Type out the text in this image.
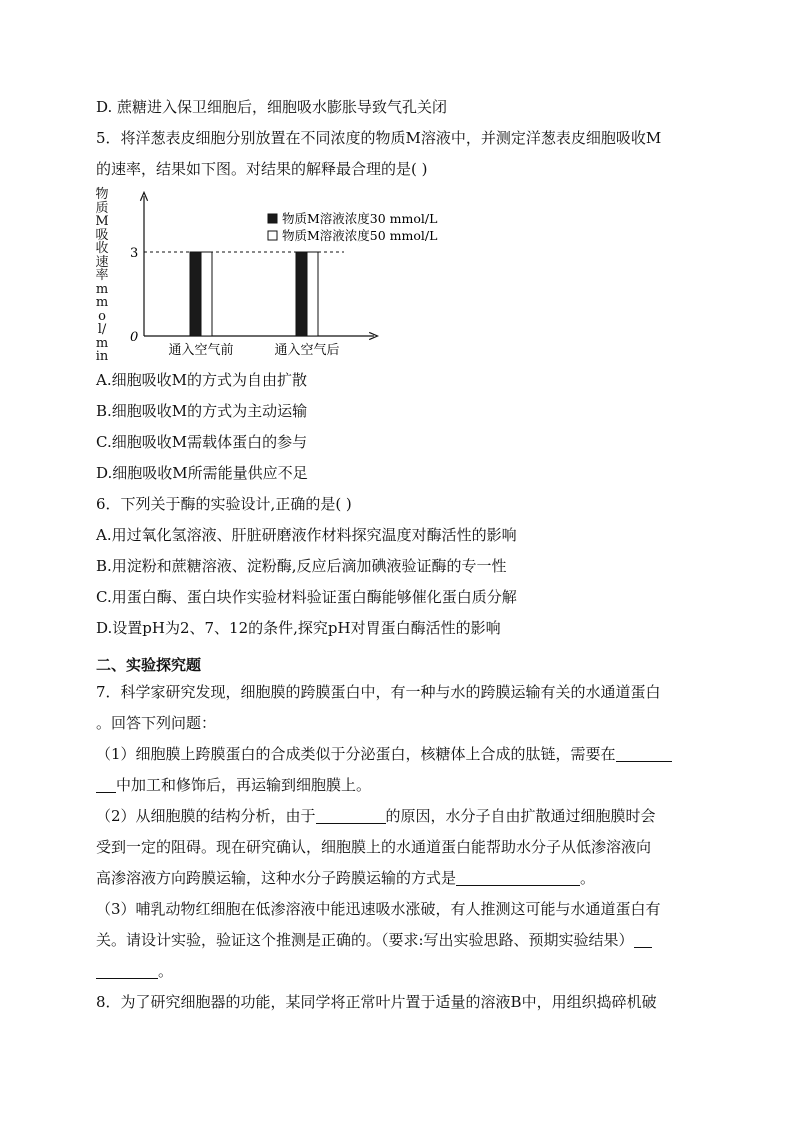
D. 蔗糖进入保卫细胞后，细胞吸水膨胀导致气孔关闭
5．将洋葱表皮细胞分别放置在不同浓度的物质M溶液中，并测定洋葱表皮细胞吸收M
的速率，结果如下图。对结果的解释最合理的是( )
物质M吸收速率mmol/min
0
3
通入空气前	通入空气后
物质M溶液浓度30 mmol/L
物质M溶液浓度50 mmol/L
A.细胞吸收M的方式为自由扩散
B.细胞吸收M的方式为主动运输
C.细胞吸收M需载体蛋白的参与
D.细胞吸收M所需能量供应不足
6．下列关于酶的实验设计,正确的是( )
A.用过氧化氢溶液、肝脏研磨液作材料探究温度对酶活性的影响
B.用淀粉和蔗糖溶液、淀粉酶,反应后滴加碘液验证酶的专一性
C.用蛋白酶、蛋白块作实验材料验证蛋白酶能够催化蛋白质分解
D.设置pH为2、7、12的条件,探究pH对胃蛋白酶活性的影响
二、实验探究题
7．科学家研究发现，细胞膜的跨膜蛋白中，有一种与水的跨膜运输有关的水通道蛋白
。回答下列问题：
（1）细胞膜上跨膜蛋白的合成类似于分泌蛋白，核糖体上合成的肽链，需要在
中加工和修饰后，再运输到细胞膜上。
（2）从细胞膜的结构分析，由于	的原因，水分子自由扩散通过细胞膜时会
受到一定的阻碍。现在研究确认，细胞膜上的水通道蛋白能帮助水分子从低渗溶液向
高渗溶液方向跨膜运输，这种水分子跨膜运输的方式是	。
（3）哺乳动物红细胞在低渗溶液中能迅速吸水涨破，有人推测这可能与水通道蛋白有
关。请设计实验，验证这个推测是正确的。（要求:写出实验思路、预期实验结果）
。
8．为了研究细胞器的功能，某同学将正常叶片置于适量的溶液B中，用组织捣碎机破
